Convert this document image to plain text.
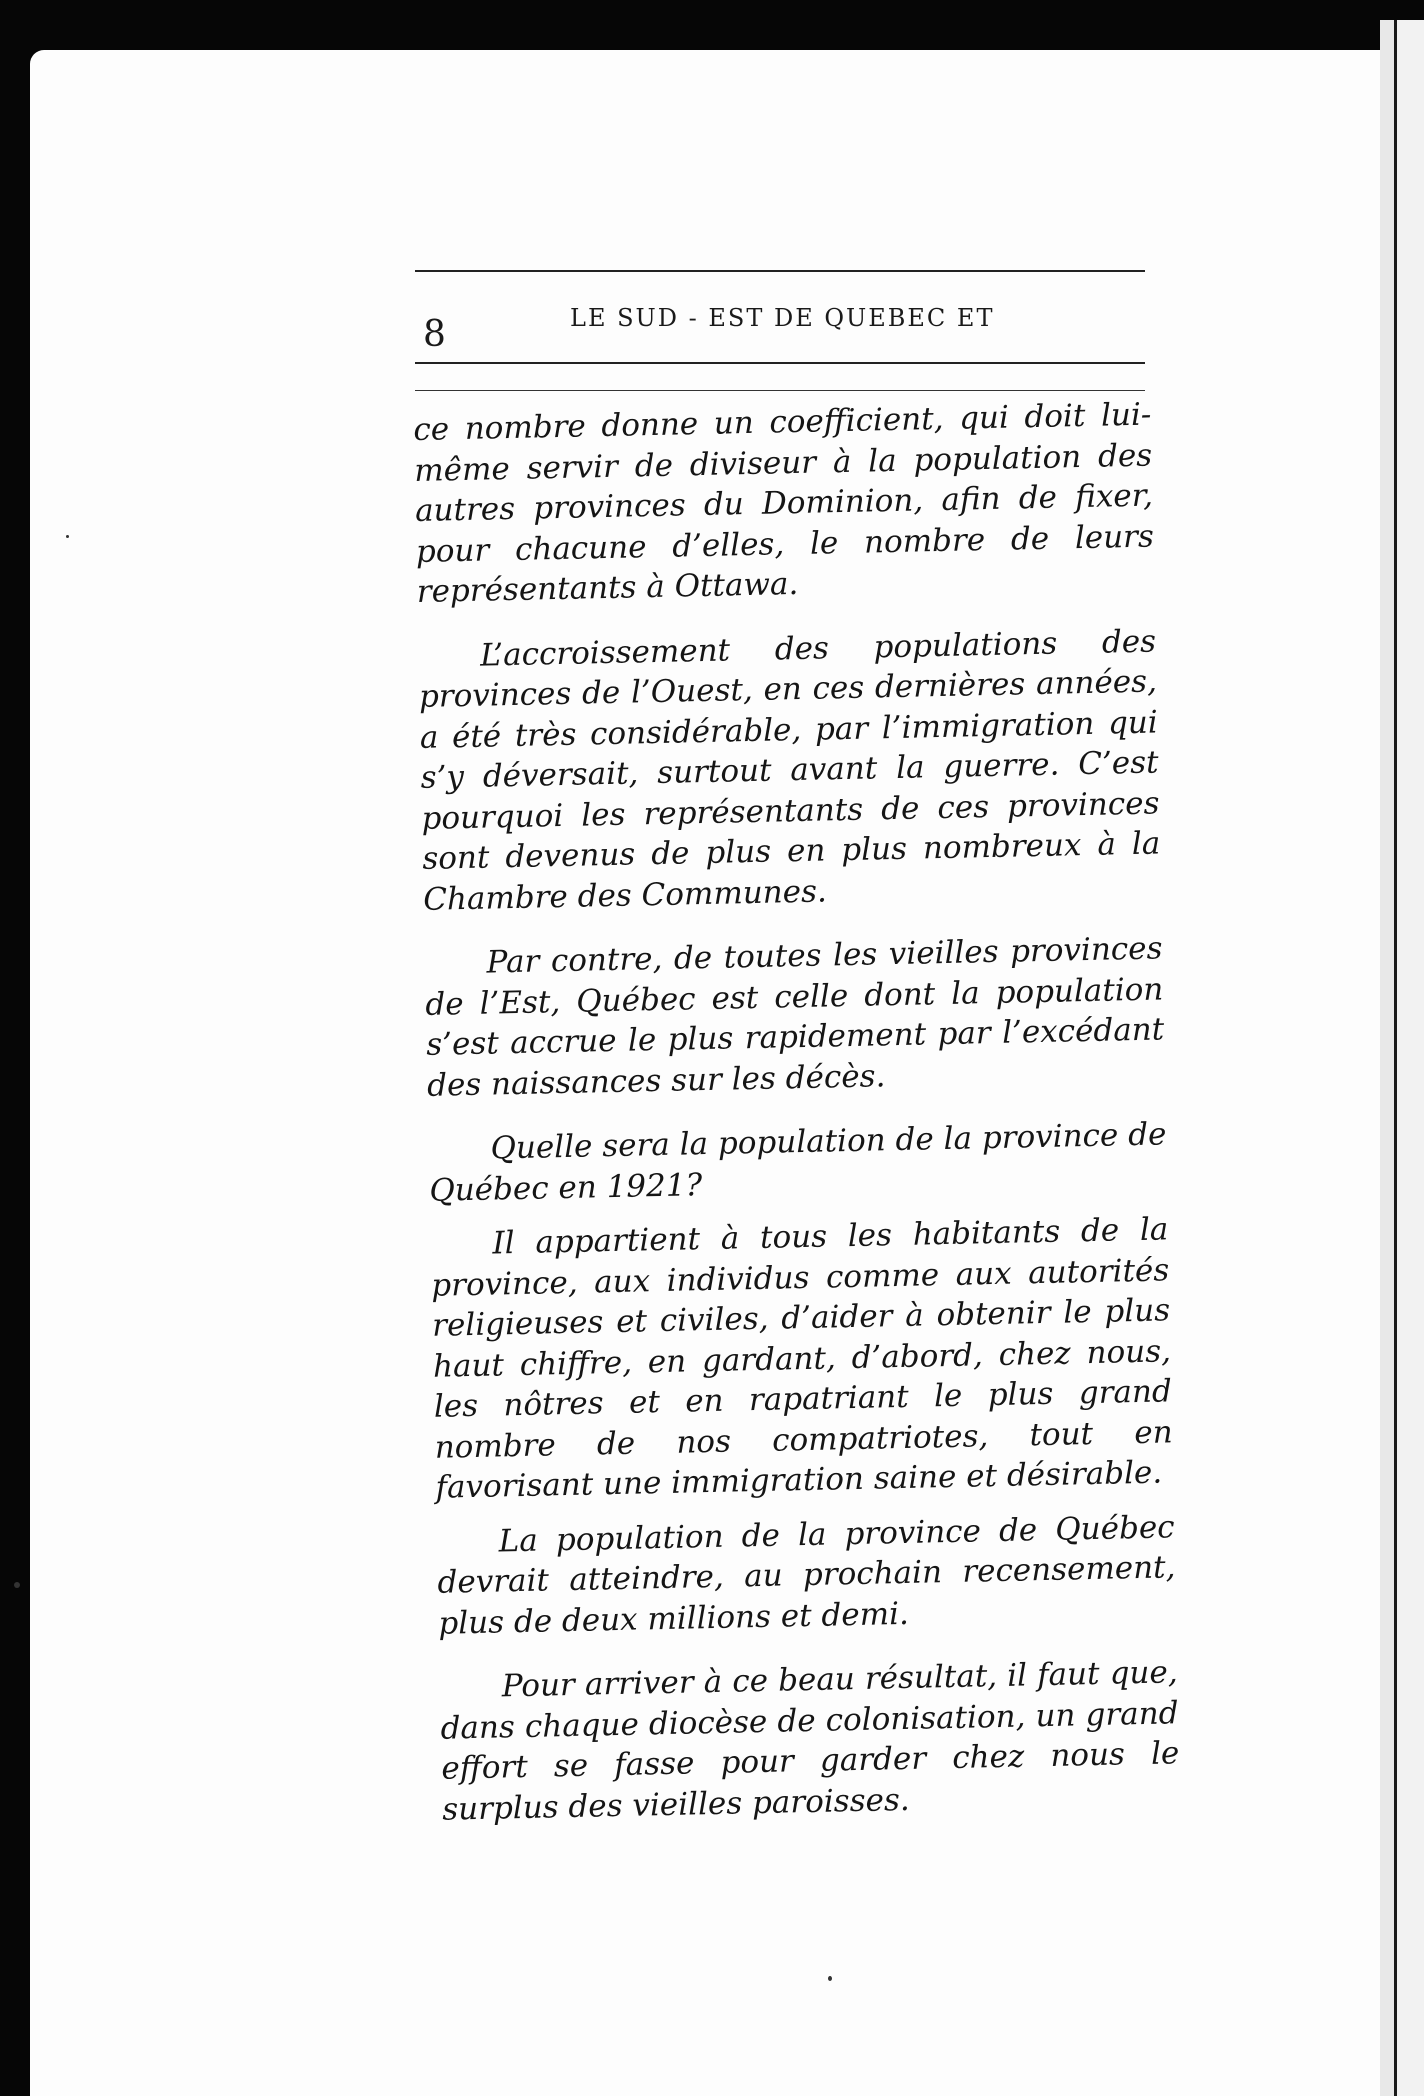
8	LE SUD - EST DE QUEBEC ET

ce nombre donne un coefficient, qui doit lui-même servir de diviseur à la population des autres provinces du Dominion, afin de fixer, pour chacune d’elles, le nombre de leurs représentants à Ottawa.

L’accroissement des populations des provinces de l’Ouest, en ces dernières années, a été très considérable, par l’immigration qui s’y déversait, surtout avant la guerre. C’est pourquoi les représentants de ces provinces sont devenus de plus en plus nombreux à la Chambre des Communes.

Par contre, de toutes les vieilles provinces de l’Est, Québec est celle dont la population s’est accrue le plus rapidement par l’excédant des naissances sur les décès.

Quelle sera la population de la province de Québec en 1921?

Il appartient à tous les habitants de la province, aux individus comme aux autorités religieuses et civiles, d’aider à obtenir le plus haut chiffre, en gardant, d’abord, chez nous, les nôtres et en rapatriant le plus grand nombre de nos compatriotes, tout en favorisant une immigration saine et désirable.

La population de la province de Québec devrait atteindre, au prochain recensement, plus de deux millions et demi.

Pour arriver à ce beau résultat, il faut que, dans chaque diocèse de colonisation, un grand effort se fasse pour garder chez nous le surplus des vieilles paroisses.
